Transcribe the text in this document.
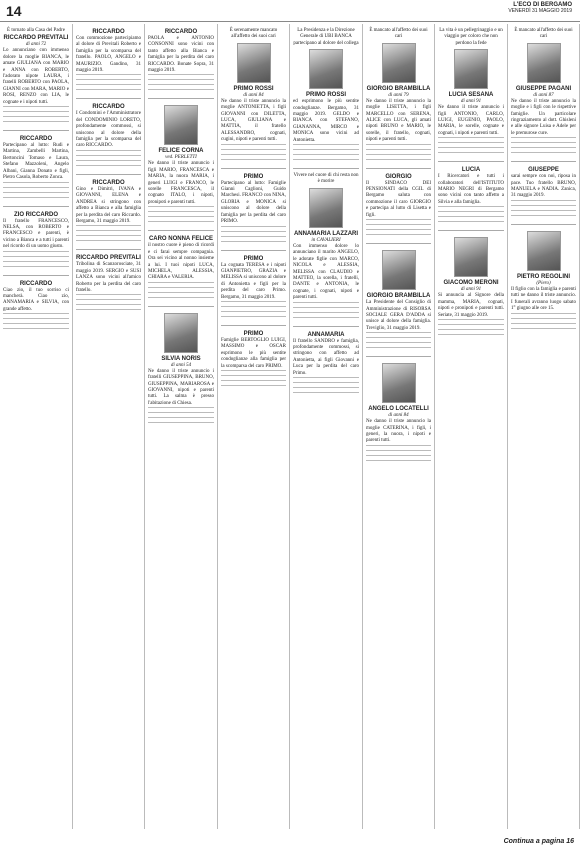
14	L'ECO DI BERGAMO
VENERDÌ 31 MAGGIO 2019
È tornato alla Casa del Padre
RICCARDO PREVITALI
di anni 72
Lo annunciano con immenso dolore la moglie BIANCA, le amate GIULIANA con MARIO e ANNA con ROBERTO, l'adorato nipote LAURA, i fratelli ROBERTO con PAOLA, GIANNI con MARA, MARIO e ROSI, RENZO con LIA, le cognate e i nipoti tutti.
RICCARDO
Partecipano al lutto: Rudi e Martina, Zambelli Martina, Bertoncini Tomaso e Laura, Stefano Mazzoleni, Angelo Albani, Gianna Donato e figli, Pietro Casola, Roberto Zonca.
ZIO RICCARDO
Il fratello FRANCESCO, NELSA, con ROBERTO e FRANCESCO e parenti, è vicino a Bianca e a tutti i parenti nel ricordo di un uomo giusto.
RICCARDO
Ciao zio, il tuo sorriso ci mancherà. Ciao zio, ANNAMARIA e SILVIA, con grande affetto.
RICCARDO
Con commozione partecipiamo al dolore di Previtali Roberto e famiglia per la scomparsa del fratello. PAOLO, ANGELO e MAURIZIO. Gandino, 31 maggio 2019.
RICCARDO
I Condomini e l'Amministratore del CONDOMINIO LORETO, profondamente commossi, si uniscono al dolore della famiglia per la scomparsa del caro RICCARDO.
RICCARDO
Gino e Dimitri, IVANA e GIOVANNI, ELENA e ANDREA si stringono con affetto a Bianca e alla famiglia per la perdita del caro Riccardo. Bergamo, 31 maggio 2019.
RICCARDO PREVITALI
Tribolina di Scanzorosciate, 31 maggio 2019. SERGIO e SUSI LANZA sono vicini all'amico Roberto per la perdita del caro fratello.
RICCARDO
PAOLA e ANTONIO CONSONNI sono vicini con tanto affetto alla Bianca e famiglia per la perdita del caro RICCARDO. Bonate Sopra, 31 maggio 2019.
FELICE CORNA
ved. PERLETTI
Ne danno il triste annuncio i figli MARIO, FRANCESCA e MARIA, la nuora MARIA, i generi LUIGI e FRANCO, le sorelle FRANCESCA, il cognato ITALO, i nipoti, pronipoti e parenti tutti.
CARO NONNA FELICE
il nostro cuore è pieno di ricordi e ci farai sempre compagnia. Ora sei vicino al nonno insieme a lui. I tuoi nipoti LUCA, MICHELA, ALESSIA, CHIARA e VALERIA.
SILVIA NORIS
di anni 54
Ne danno il triste annuncio i fratelli GIUSEPPINA, BRUNO, GIUSEPPINA, MARIAROSA e GIOVANNI, nipoti e parenti tutti. La salma è presso l'abitazione di Chiesa.
È serenamente mancato all'affetto dei suoi cari
PRIMO ROSSI
di anni 84
Ne danno il triste annuncio la moglie ANTONIETTA, i figli GIOVANNI con DILETTA, LUCA, GIULIANA e MATTIA, il fratello ALESSANDRO, cognati, cugini, nipoti e parenti tutti.
PRIMO
Partecipano al lutto: Famiglie Gianni Caglioni, Guido Marchesi. FRANCO con NINA, GLORIA e MONICA si uniscono al dolore della famiglia per la perdita del caro PRIMO.
PRIMO
La cognata TERESA e i nipoti GIANPIETRO, GRAZIA e MELISSA si uniscono al dolore di Antonietta e figli per la perdita del caro Primo. Bergamo, 31 maggio 2019.
PRIMO
Famiglie BERTOGLIO LUIGI, MASSIMO e OSCAR esprimono le più sentite condoglianze alla famiglia per la scomparsa del caro PRIMO.
La Presidenza e la Direzione Generale di UBI BANCA partecipano al dolore del collega
PRIMO ROSSI
ed esprimono le più sentite condoglianze. Bergamo, 31 maggio 2019. GELDO e BIANCA con STEFANO, GIANANNA, MIRCO e MONICA sono vicini ad Antonietta.
Vivere nel cuore di chi resta non è morire
ANNAMARIA LAZZARI
in CAVALIERI
Con immenso dolore lo annunciano il marito ANGELO, le adorate figlie con MARCO, NICOLA e ALESSIA, MELISSA con CLAUDIO e MATTEO, la sorella, i fratelli, DANTE e ANTONIA, le cognate, i cognati, nipoti e parenti tutti.
ANNAMARIA
Il fratello SANDRO e famiglia, profondamente commossi, si stringono con affetto ad Antonietta, ai figli Giovanni e Luca per la perdita del caro Primo.
È mancato all'affetto dei suoi cari
GIORGIO BRAMBILLA
di anni 79
Ne danno il triste annuncio la moglie LISETTA, i figli MARCELLO con SERENA, ALICE con LUCA, gli amati nipoti BRUNO e MARIO, le sorelle, il fratello, cognati, nipoti e parenti tutti.
GIORGIO
Il SINDACO DEI PENSIONATI della CGIL di Bergamo saluta con commozione il caro GIORGIO e partecipa al lutto di Lisetta e figli.
GIORGIO BRAMBILLA
La Presidente del Consiglio di Amministrazione di RISORSA SOCIALE GERA D'ADDA si unisce al dolore della famiglia. Treviglio, 31 maggio 2019.
ANGELO LOCATELLI
di anni 84
Ne danno il triste annuncio la moglie CATERINA, i figli, i generi, la nuora, i nipoti e parenti tutti.
La vita è un pellegrinaggio e un viaggio per coloro che non perdono la fede
LUCIA SESANA
di anni 91
Ne danno il triste annuncio i figli ANTONIO, CARLO, LUIGI, EUGENIO, PAOLO, MARIA, le sorelle, cognate e cognati, i nipoti e parenti tutti.
LUCIA
I Ricercatori e tutti i collaboratori dell'ISTITUTO MARIO NEGRI di Bergamo sono vicini con tanto affetto a Silvia e alla famiglia.
GIACOMO MERONI
di anni 91
Si annuncia al Signore della mamma, MARIA, cognati, nipoti e pronipoti e parenti tutti. Seriate, 31 maggio 2019.
È mancato all'affetto dei suoi cari
GIUSEPPE PAGANI
di anni 87
Ne danno il triste annuncio la moglie e i figli con le rispettive famiglie. Un particolare ringraziamento al dott. Ghisleni e alle signore Luisa e Adele per le premurose cure.
GIUSEPPE
sarai sempre con noi, riposa in pace. Tuo fratello BRUNO, MANUELA e NADIA. Zanica, 31 maggio 2019.
PIETRO REGOLINI
(Piero)
Il figlio con la famiglia e parenti tutti ne danno il triste annuncio. I funerali avranno luogo sabato 1° giugno alle ore 15.
Continua a pagina 16
